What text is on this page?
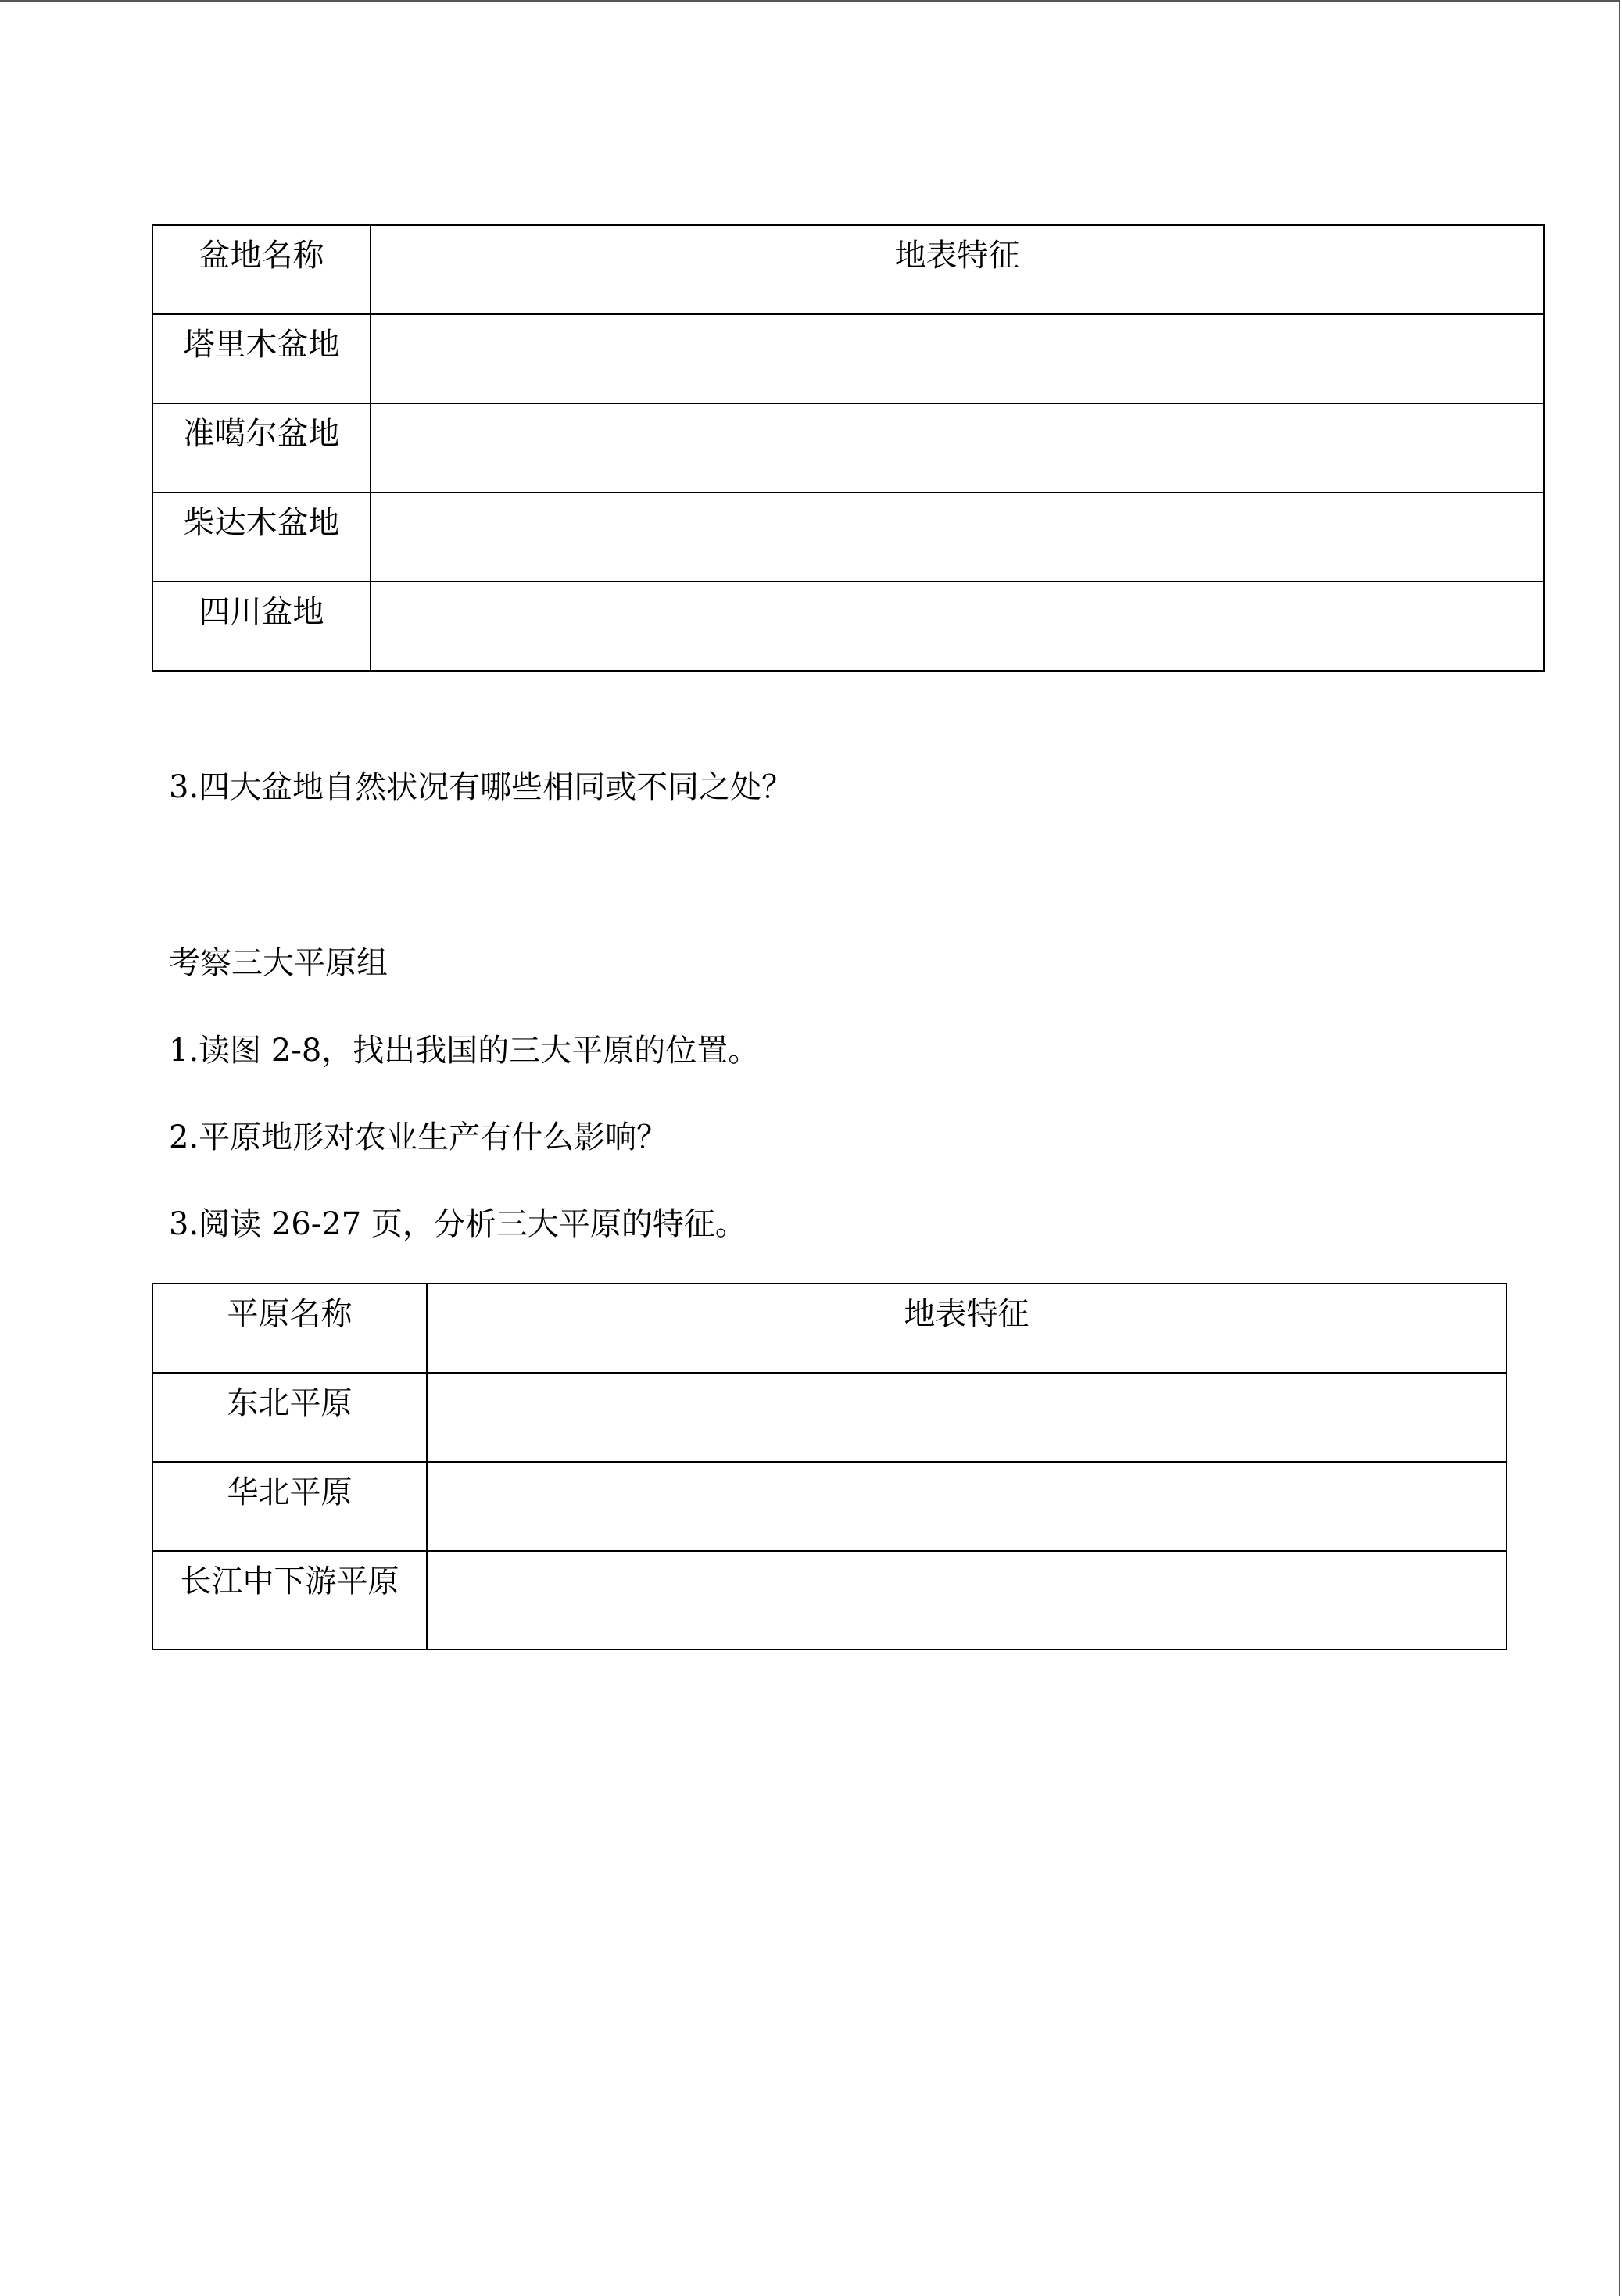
盆地名称	地表特征
塔里木盆地	
准噶尔盆地	
柴达木盆地	
四川盆地	
3.四大盆地自然状况有哪些相同或不同之处？
考察三大平原组
1.读图 2-8，找出我国的三大平原的位置。
2.平原地形对农业生产有什么影响？
3.阅读 26-27 页，分析三大平原的特征。
平原名称	地表特征
东北平原	
华北平原	
长江中下游平原	
